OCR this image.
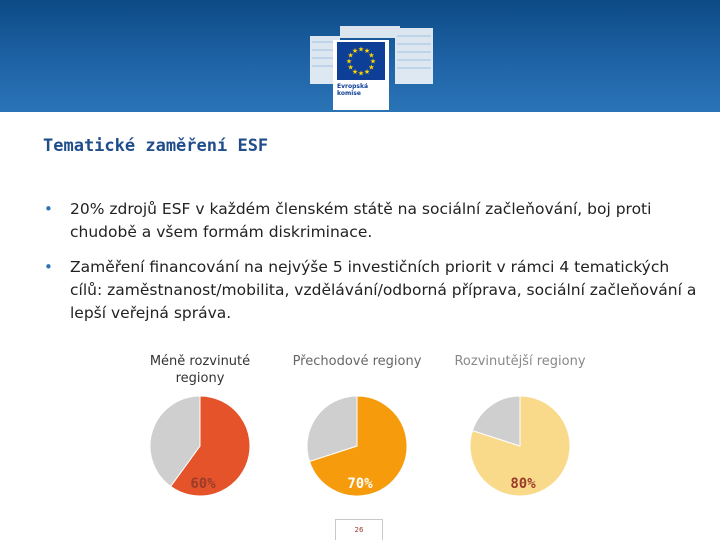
★ ★
★
★
★
★
★
★
★
★
★
★
Evropská
komise
Tematické zaměření ESF
• 20% zdrojů ESF v každém členském státě na sociální začleňování, boj proti chudobě a všem formám diskriminace.
• Zaměření financování na nejvýše 5 investičních priorit v rámci 4 tematických cílů: zaměstnanost/mobilita, vzdělávání/odborná příprava, sociální začleňování a lepší veřejná správa.
Méně rozvinuté regiony
60%
Přechodové regiony
70%
Rozvinutější regiony
80%
26
